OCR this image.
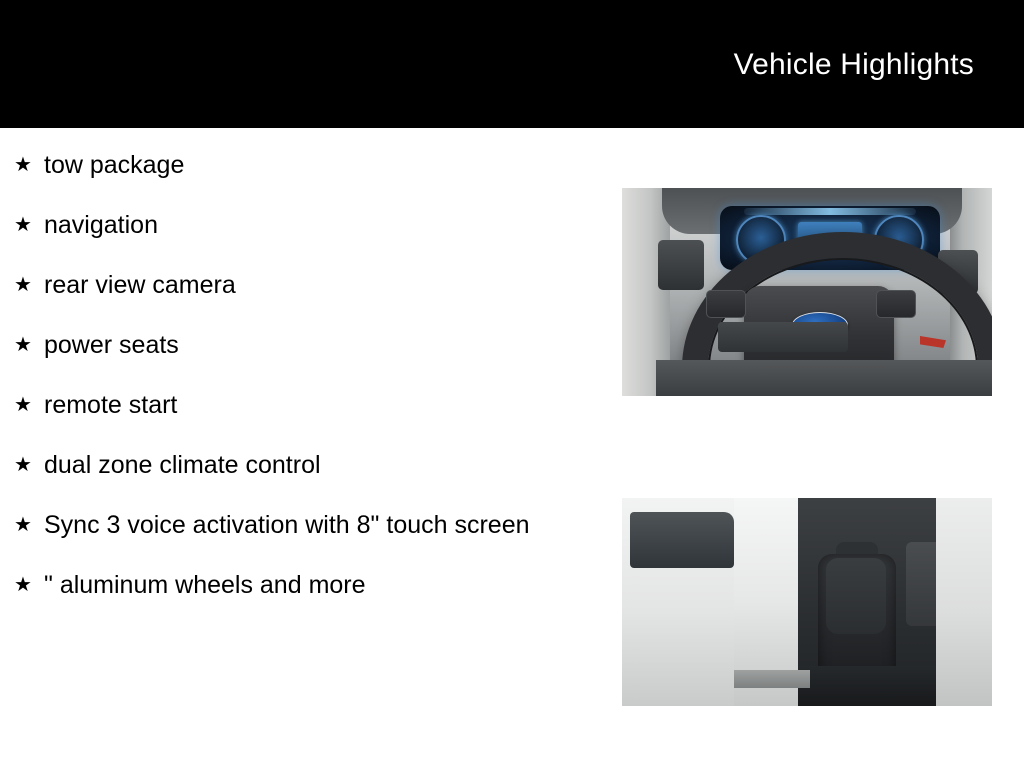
Vehicle Highlights
★ tow package
★ navigation
★ rear view camera
★ power seats
★ remote start
★ dual zone climate control
★ Sync 3 voice activation with 8" touch screen
★ " aluminum wheels and more
